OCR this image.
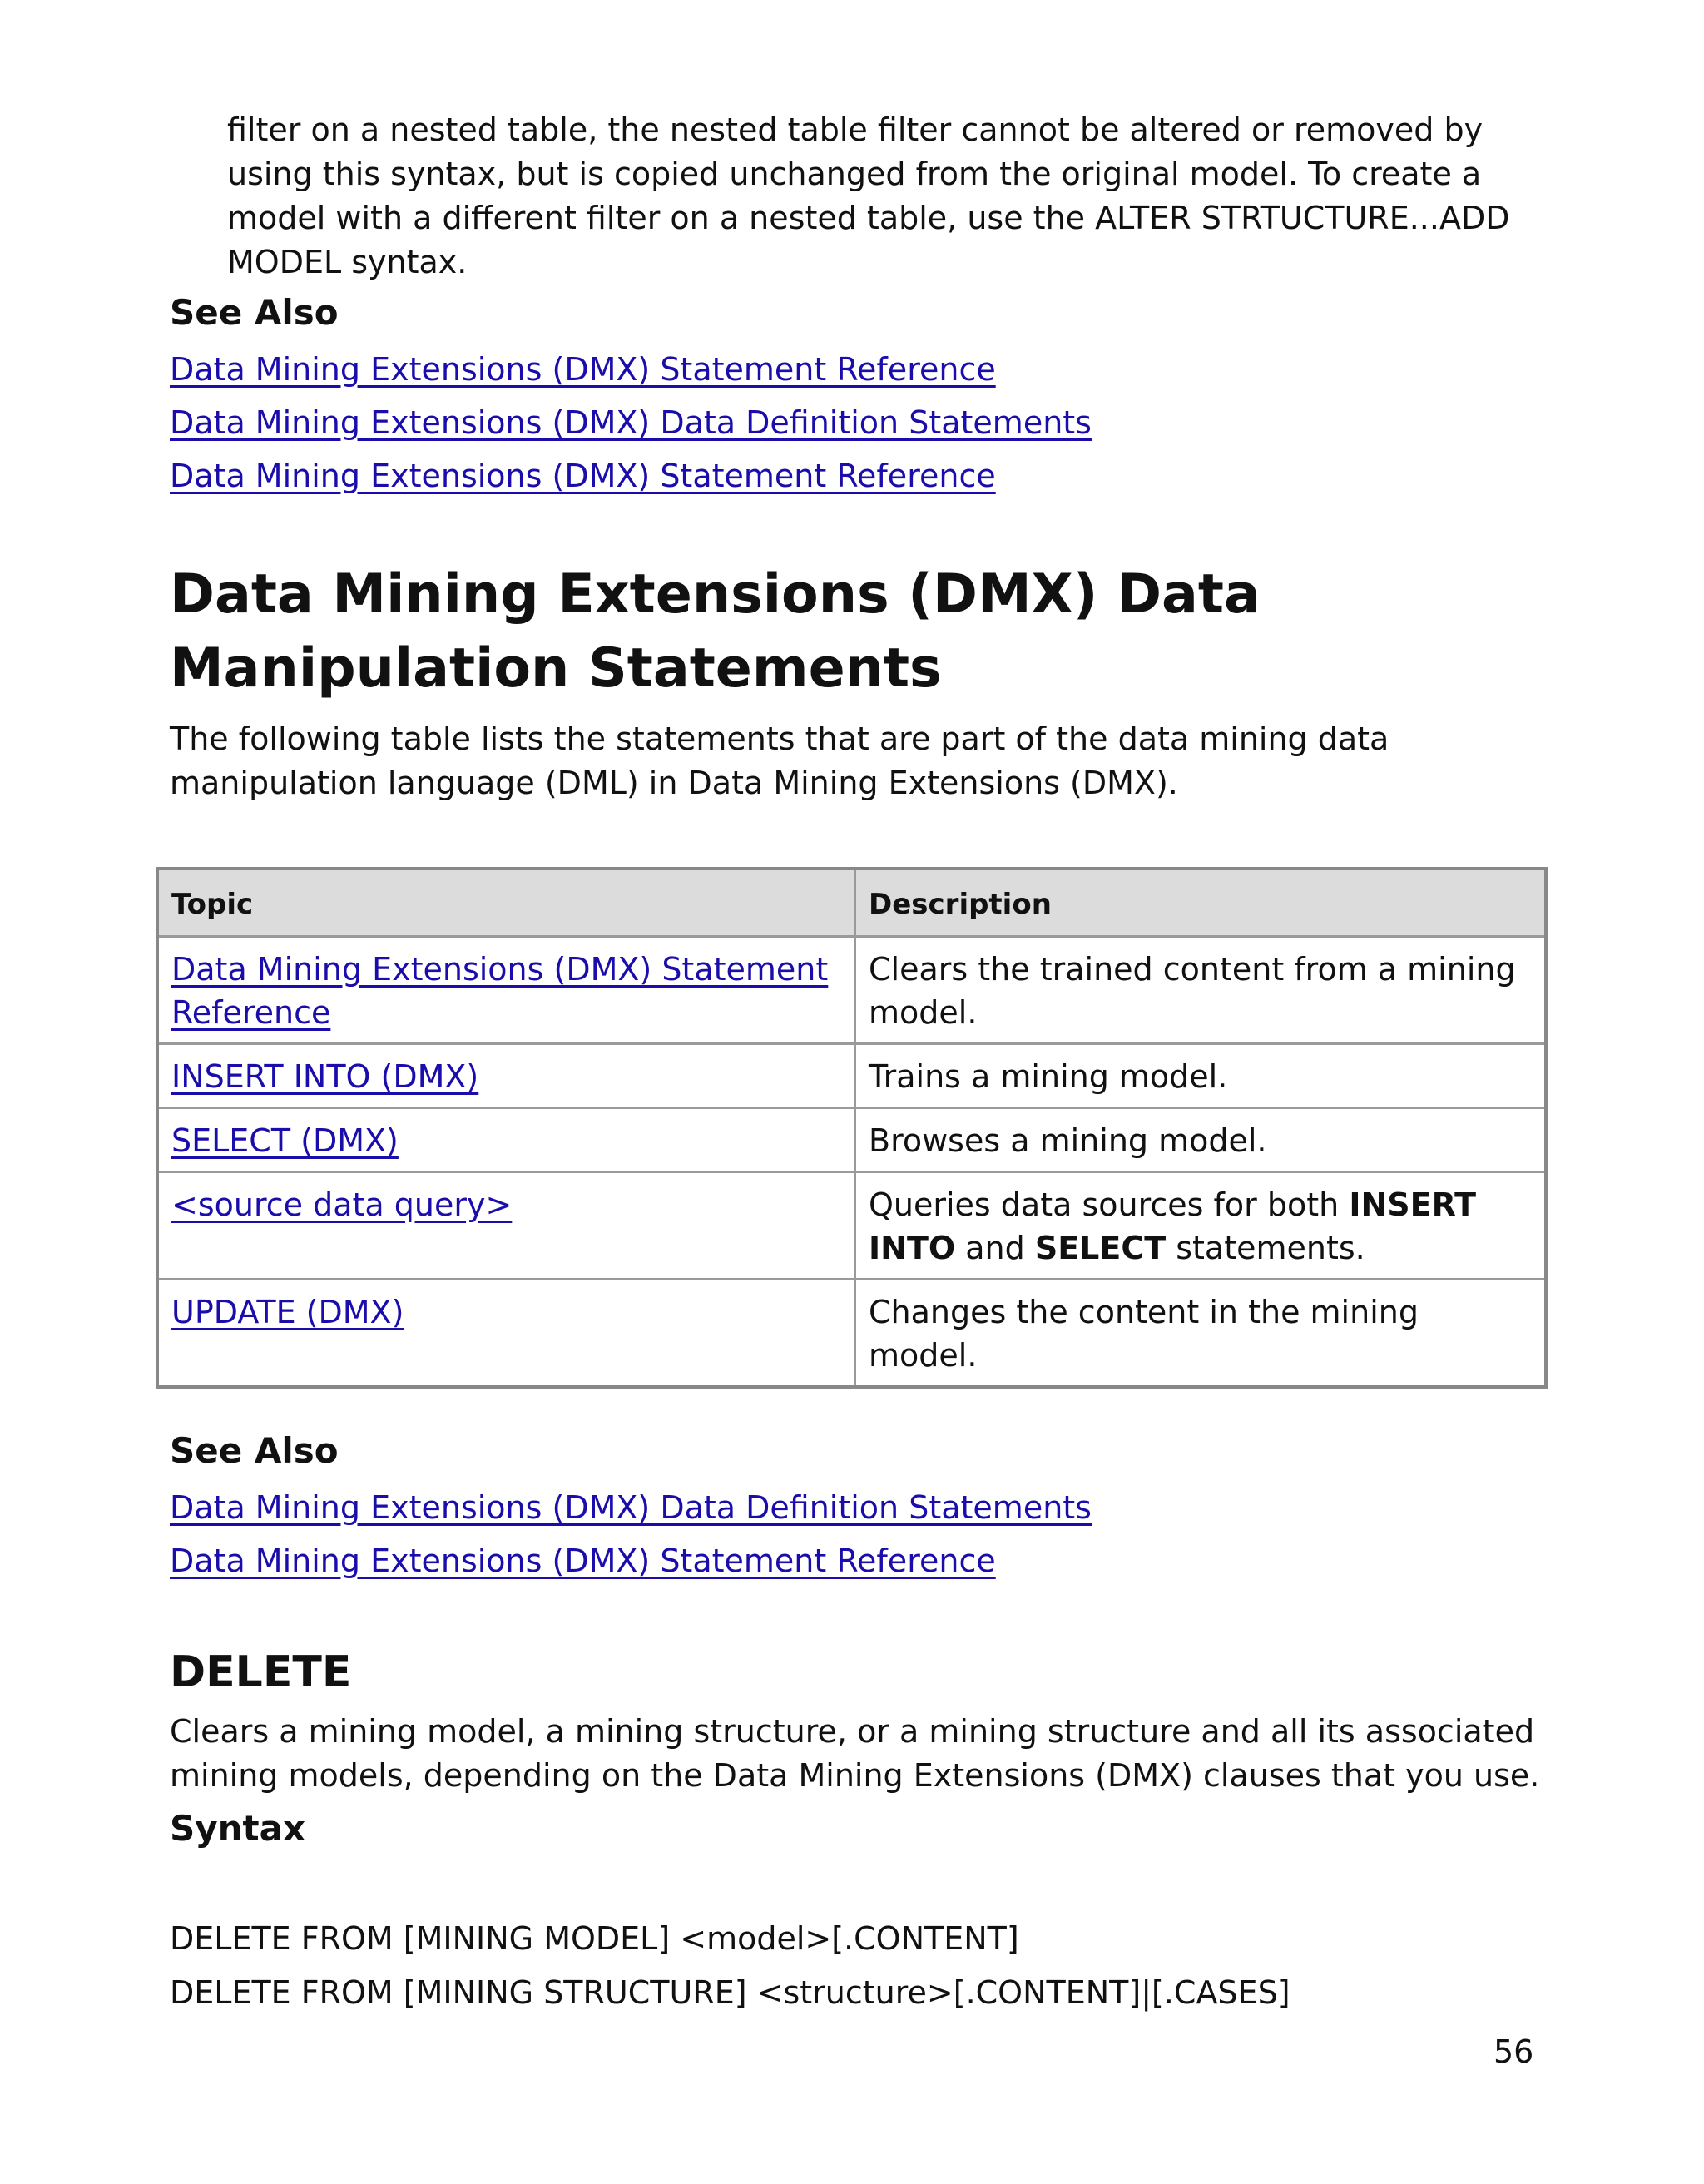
filter on a nested table, the nested table filter cannot be altered or removed by using this syntax, but is copied unchanged from the original model. To create a model with a different filter on a nested table, use the ALTER STRTUCTURE...ADD MODEL syntax.
See Also
Data Mining Extensions (DMX) Statement Reference
Data Mining Extensions (DMX) Data Definition Statements
Data Mining Extensions (DMX) Statement Reference
Data Mining Extensions (DMX) Data Manipulation Statements
The following table lists the statements that are part of the data mining data manipulation language (DML) in Data Mining Extensions (DMX).
Topic	Description
Data Mining Extensions (DMX) Statement Reference	Clears the trained content from a mining model.
INSERT INTO (DMX)	Trains a mining model.
SELECT (DMX)	Browses a mining model.
<source data query>	Queries data sources for both INSERT INTO and SELECT statements.
UPDATE (DMX)	Changes the content in the mining model.
See Also
Data Mining Extensions (DMX) Data Definition Statements
Data Mining Extensions (DMX) Statement Reference
DELETE
Clears a mining model, a mining structure, or a mining structure and all its associated mining models, depending on the Data Mining Extensions (DMX) clauses that you use.
Syntax
DELETE FROM [MINING MODEL] <model>[.CONTENT]
DELETE FROM [MINING STRUCTURE] <structure>[.CONTENT]|[.CASES]
56
